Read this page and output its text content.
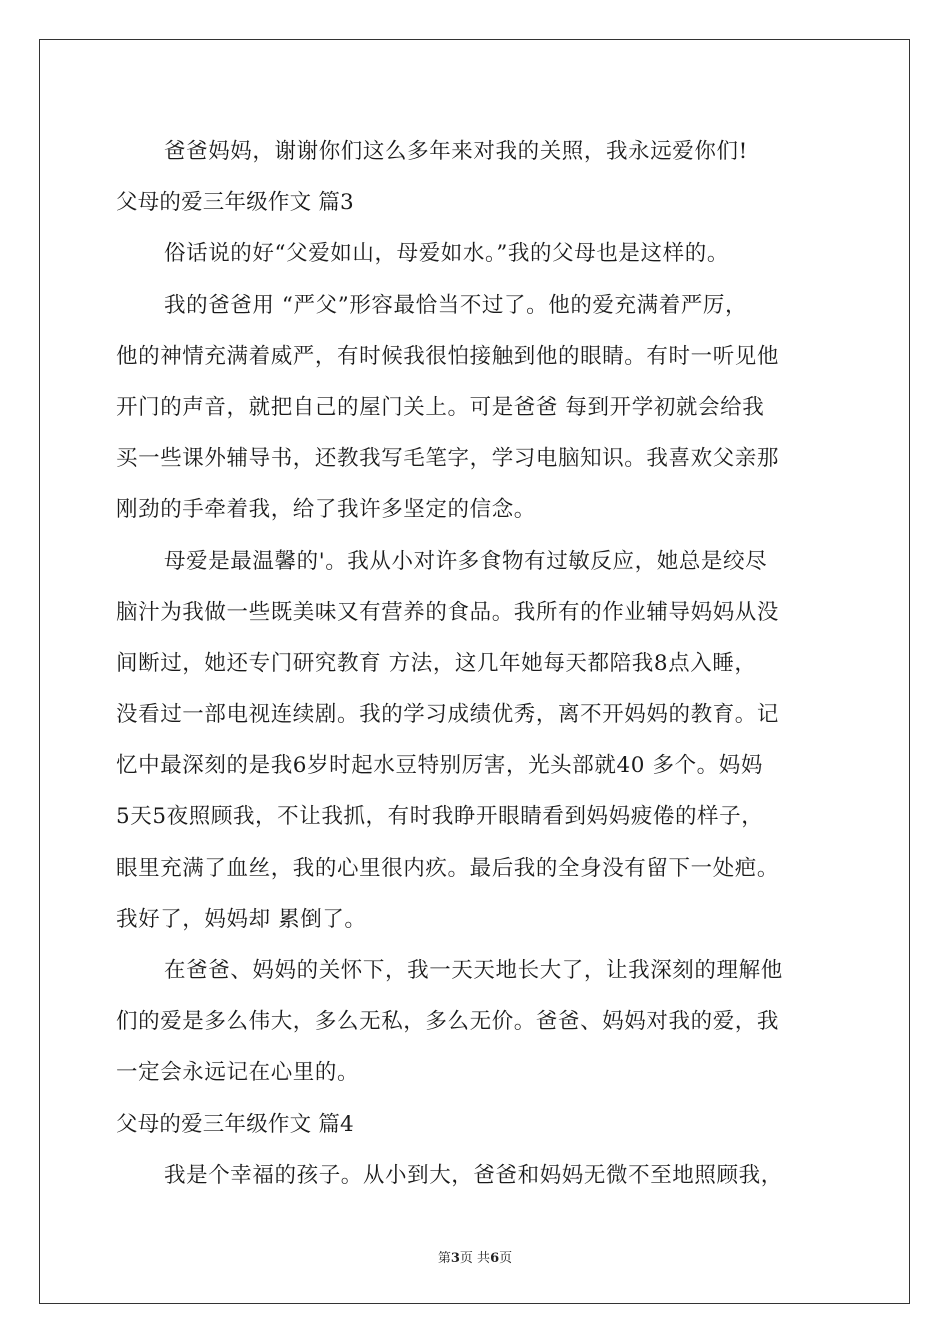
爸爸妈妈，谢谢你们这么多年来对我的关照，我永远爱你们!
父母的爱三年级作文 篇3
俗话说的好“父爱如山，母爱如水。”我的父母也是这样的。
我的爸爸用 “严父”形容最恰当不过了。他的爱充满着严厉，
他的神情充满着威严，有时候我很怕接触到他的眼睛。有时一听见他
开门的声音，就把自己的屋门关上。可是爸爸 每到开学初就会给我
买一些课外辅导书，还教我写毛笔字，学习电脑知识。我喜欢父亲那
刚劲的手牵着我，给了我许多坚定的信念。
母爱是最温馨的'。我从小对许多食物有过敏反应，她总是绞尽
脑汁为我做一些既美味又有营养的食品。我所有的作业辅导妈妈从没
间断过，她还专门研究教育 方法，这几年她每天都陪我8点入睡，
没看过一部电视连续剧。我的学习成绩优秀，离不开妈妈的教育。记
忆中最深刻的是我6岁时起水豆特别厉害，光头部就40 多个。妈妈
5天5夜照顾我，不让我抓，有时我睁开眼睛看到妈妈疲倦的样子，
眼里充满了血丝，我的心里很内疚。最后我的全身没有留下一处疤。
我好了，妈妈却 累倒了。
在爸爸、妈妈的关怀下，我一天天地长大了，让我深刻的理解他
们的爱是多么伟大，多么无私，多么无价。爸爸、妈妈对我的爱，我
一定会永远记在心里的。
父母的爱三年级作文 篇4
我是个幸福的孩子。从小到大，爸爸和妈妈无微不至地照顾我，
第3页 共6页
